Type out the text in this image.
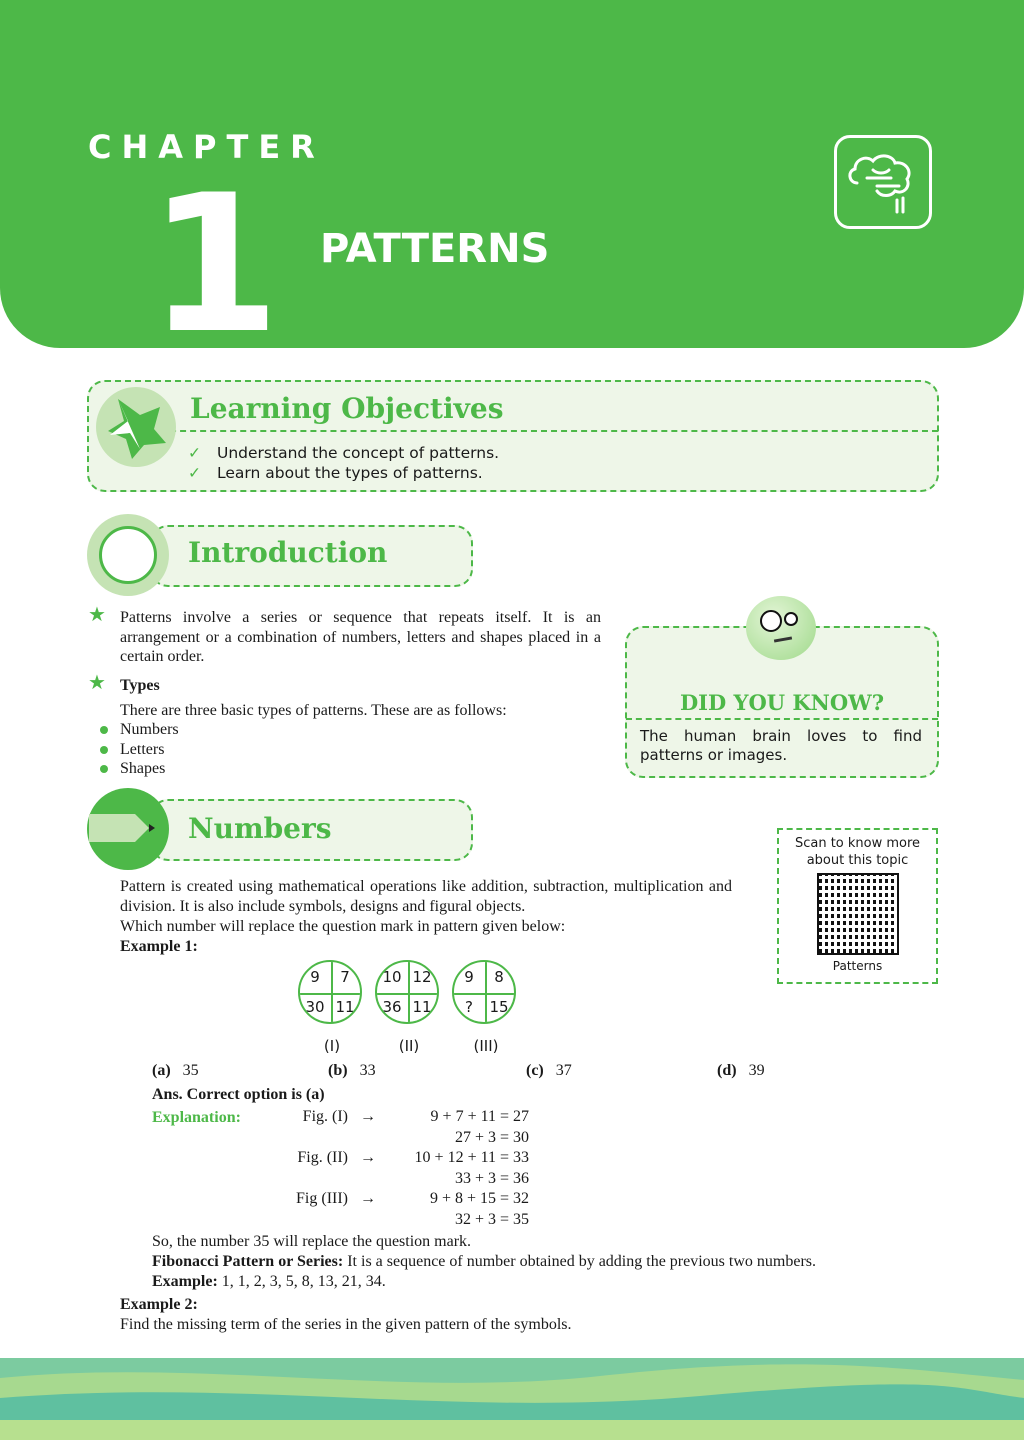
CHAPTER
1 PATTERNS
Learning Objectives
✓ Understand the concept of patterns.
✓ Learn about the types of patterns.
Introduction
★ Patterns involve a series or sequence that repeats itself. It is an arrangement or a combination of numbers, letters and shapes placed in a certain order.
★ Types
There are three basic types of patterns. These are as follows:
Numbers
Letters
Shapes
DID YOU KNOW?
The human brain loves to find patterns or images.
Numbers	Scan to know more about this topic
Patterns
Pattern is created using mathematical operations like addition, subtraction, multiplication and division. It is also include symbols, designs and figural objects.
Which number will replace the question mark in pattern given below:
Example 1:
9	7
30 11
(I)
10 12
36 11
(II)
9	8
?	15
(III)
(a) 35	(b) 33	(c) 37	(d) 39
Ans. Correct option is (a)
Explanation:	Fig. (I) →	9 + 7 + 11 = 27
27 + 3 = 30
Fig. (II) →	10 + 12 + 11 = 33
33 + 3 = 36
Fig (III) →	9 + 8 + 15 = 32
32 + 3 = 35
So, the number 35 will replace the question mark.
Fibonacci Pattern or Series: It is a sequence of number obtained by adding the previous two numbers.
Example: 1, 1, 2, 3, 5, 8, 13, 21, 34.
Example 2:
Find the missing term of the series in the given pattern of the symbols.
